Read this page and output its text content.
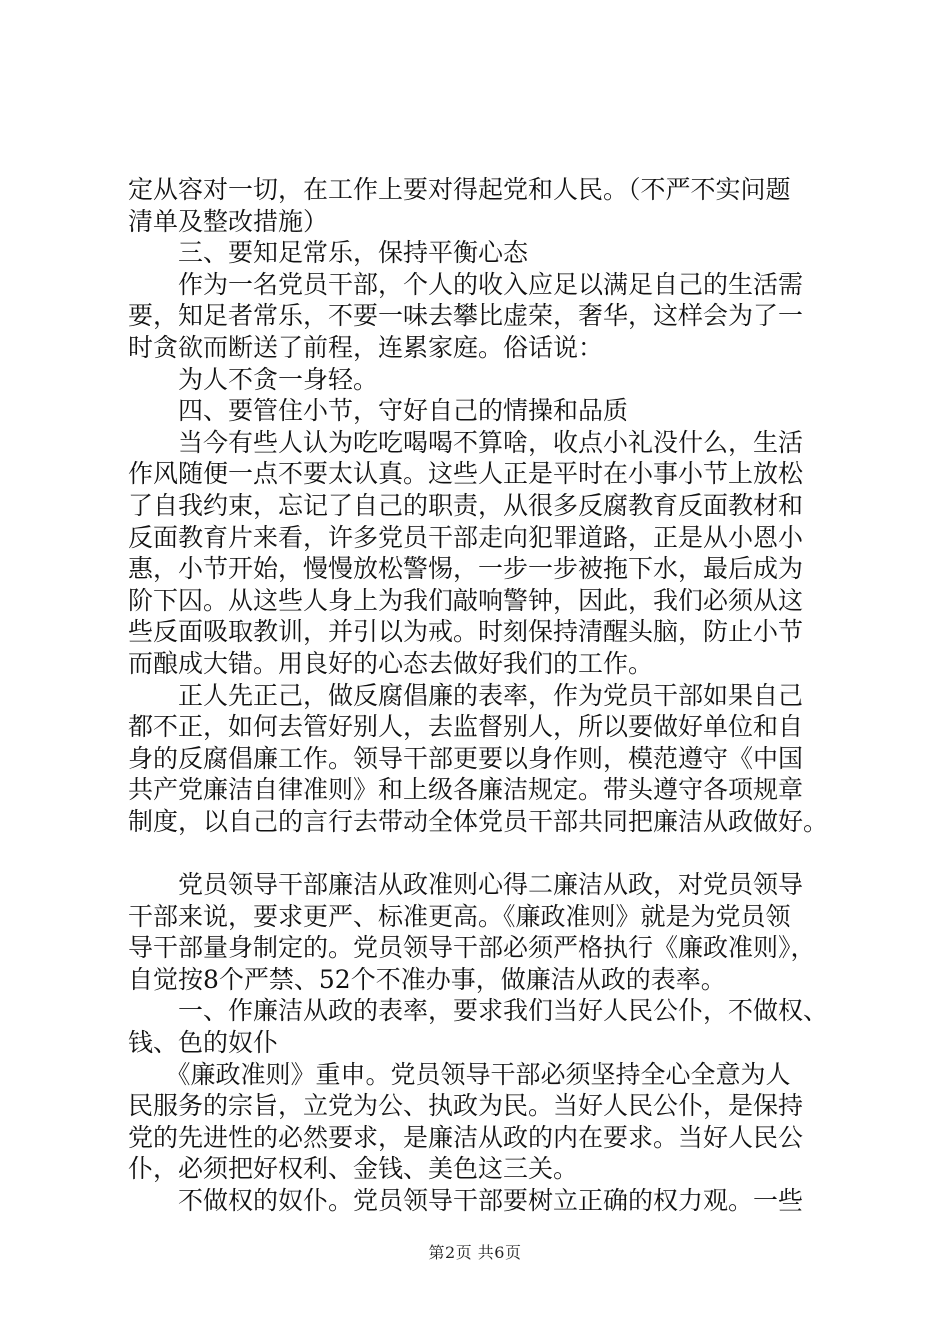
定从容对一切，在工作上要对得起党和人民。（不严不实问题
清单及整改措施）
　　三、要知足常乐，保持平衡心态
　　作为一名党员干部，个人的收入应足以满足自己的生活需
要，知足者常乐，不要一味去攀比虚荣，奢华，这样会为了一
时贪欲而断送了前程，连累家庭。俗话说：
　　为人不贪一身轻。
　　四、要管住小节，守好自己的情操和品质
　　当今有些人认为吃吃喝喝不算啥，收点小礼没什么，生活
作风随便一点不要太认真。这些人正是平时在小事小节上放松
了自我约束，忘记了自己的职责，从很多反腐教育反面教材和
反面教育片来看，许多党员干部走向犯罪道路，正是从小恩小
惠，小节开始，慢慢放松警惕，一步一步被拖下水，最后成为
阶下囚。从这些人身上为我们敲响警钟，因此，我们必须从这
些反面吸取教训，并引以为戒。时刻保持清醒头脑，防止小节
而酿成大错。用良好的心态去做好我们的工作。
　　正人先正己，做反腐倡廉的表率，作为党员干部如果自己
都不正，如何去管好别人，去监督别人，所以要做好单位和自
身的反腐倡廉工作。领导干部更要以身作则，模范遵守《中国
共产党廉洁自律准则》和上级各廉洁规定。带头遵守各项规章
制度，以自己的言行去带动全体党员干部共同把廉洁从政做好。
　　党员领导干部廉洁从政准则心得二廉洁从政，对党员领导
干部来说，要求更严、标准更高。《廉政准则》就是为党员领
导干部量身制定的。党员领导干部必须严格执行《廉政准则》，
自觉按8个严禁、52个不准办事，做廉洁从政的表率。
　　一、作廉洁从政的表率，要求我们当好人民公仆，不做权、
钱、色的奴仆
　　《廉政准则》重申。党员领导干部必须坚持全心全意为人
民服务的宗旨，立党为公、执政为民。当好人民公仆，是保持
党的先进性的必然要求，是廉洁从政的内在要求。当好人民公
仆，必须把好权利、金钱、美色这三关。
　　不做权的奴仆。党员领导干部要树立正确的权力观。一些
第2页 共6页
